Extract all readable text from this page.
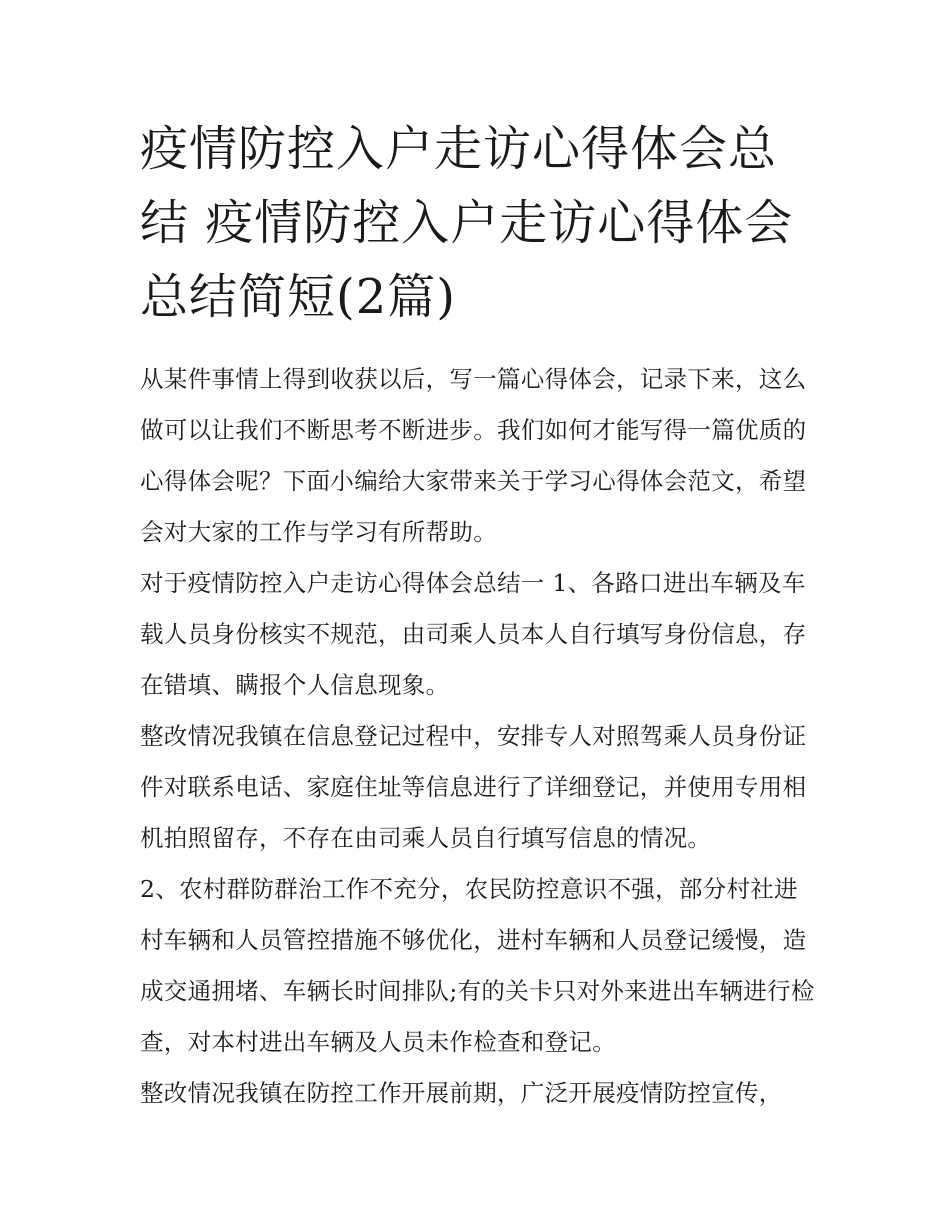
疫情防控入户走访心得体会总结 疫情防控入户走访心得体会总结简短(2篇)

从某件事情上得到收获以后，写一篇心得体会，记录下来，这么做可以让我们不断思考不断进步。我们如何才能写得一篇优质的心得体会呢？下面小编给大家带来关于学习心得体会范文，希望会对大家的工作与学习有所帮助。

对于疫情防控入户走访心得体会总结一 1、各路口进出车辆及车载人员身份核实不规范，由司乘人员本人自行填写身份信息，存在错填、瞒报个人信息现象。

整改情况我镇在信息登记过程中，安排专人对照驾乘人员身份证件对联系电话、家庭住址等信息进行了详细登记，并使用专用相机拍照留存，不存在由司乘人员自行填写信息的情况。

2、农村群防群治工作不充分，农民防控意识不强，部分村社进村车辆和人员管控措施不够优化，进村车辆和人员登记缓慢，造成交通拥堵、车辆长时间排队;有的关卡只对外来进出车辆进行检查，对本村进出车辆及人员未作检查和登记。

整改情况我镇在防控工作开展前期，广泛开展疫情防控宣传，
